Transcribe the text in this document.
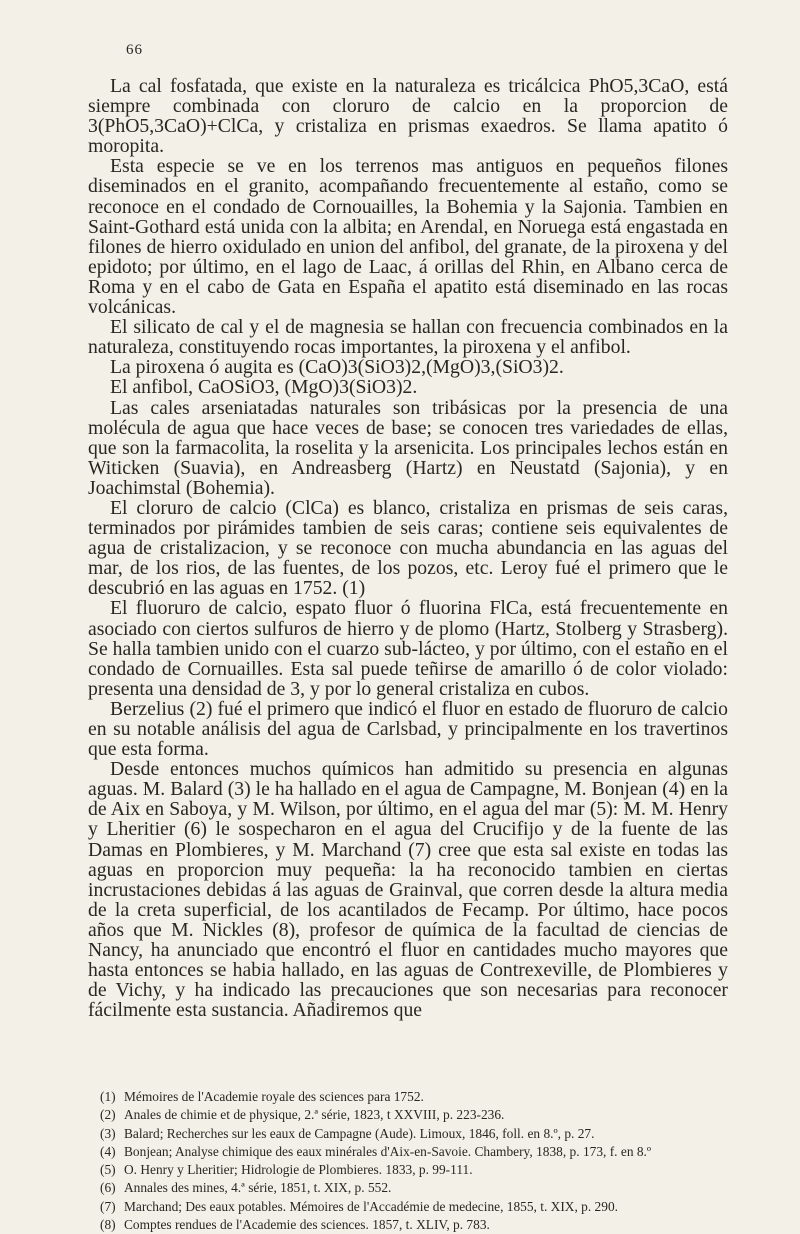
66

La cal fosfatada, que existe en la naturaleza es tricálcica PhO5,3CaO, está siempre combinada con cloruro de calcio en la proporcion de 3(PhO5,3CaO)+ClCa, y cristaliza en prismas exaedros. Se llama apatito ó moropita.

Esta especie se ve en los terrenos mas antiguos en pequeños filones diseminados en el granito, acompañando frecuentemente al estaño, como se reconoce en el condado de Cornouailles, la Bohemia y la Sajonia. Tambien en Saint-Gothard está unida con la albita; en Arendal, en Noruega está engastada en filones de hierro oxidulado en union del anfibol, del granate, de la piroxena y del epidoto; por último, en el lago de Laac, á orillas del Rhin, en Albano cerca de Roma y en el cabo de Gata en España el apatito está diseminado en las rocas volcánicas.

El silicato de cal y el de magnesia se hallan con frecuencia combinados en la naturaleza, constituyendo rocas importantes, la piroxena y el anfibol.

La piroxena ó augita es (CaO)3(SiO3)2,(MgO)3,(SiO3)2.

El anfibol, CaOSiO3, (MgO)3(SiO3)2.

Las cales arseniatadas naturales son tribásicas por la presencia de una molécula de agua que hace veces de base; se conocen tres variedades de ellas, que son la farmacolita, la roselita y la arsenicita. Los principales lechos están en Witicken (Suavia), en Andreasberg (Hartz) en Neustatd (Sajonia), y en Joachimstal (Bohemia).

El cloruro de calcio (ClCa) es blanco, cristaliza en prismas de seis caras, terminados por pirámides tambien de seis caras; contiene seis equivalentes de agua de cristalizacion, y se reconoce con mucha abundancia en las aguas del mar, de los rios, de las fuentes, de los pozos, etc. Leroy fué el primero que le descubrió en las aguas en 1752. (1)

El fluoruro de calcio, espato fluor ó fluorina FlCa, está frecuentemente en asociado con ciertos sulfuros de hierro y de plomo (Hartz, Stolberg y Strasberg). Se halla tambien unido con el cuarzo sub-lácteo, y por último, con el estaño en el condado de Cornuailles. Esta sal puede teñirse de amarillo ó de color violado: presenta una densidad de 3, y por lo general cristaliza en cubos.

Berzelius (2) fué el primero que indicó el fluor en estado de fluoruro de calcio en su notable análisis del agua de Carlsbad, y principalmente en los travertinos que esta forma.

Desde entonces muchos químicos han admitido su presencia en algunas aguas. M. Balard (3) le ha hallado en el agua de Campagne, M. Bonjean (4) en la de Aix en Saboya, y M. Wilson, por último, en el agua del mar (5): M. M. Henry y Lheritier (6) le sospecharon en el agua del Crucifijo y de la fuente de las Damas en Plombieres, y M. Marchand (7) cree que esta sal existe en todas las aguas en proporcion muy pequeña: la ha reconocido tambien en ciertas incrustaciones debidas á las aguas de Grainval, que corren desde la altura media de la creta superficial, de los acantilados de Fecamp. Por último, hace pocos años que M. Nickles (8), profesor de química de la facultad de ciencias de Nancy, ha anunciado que encontró el fluor en cantidades mucho mayores que hasta entonces se habia hallado, en las aguas de Contrexeville, de Plombieres y de Vichy, y ha indicado las precauciones que son necesarias para reconocer fácilmente esta sustancia. Añadiremos que

(1) Mémoires de l'Academie royale des sciences para 1752.
(2) Anales de chimie et de physique, 2.ª série, 1823, t XXVIII, p. 223-236.
(3) Balard; Recherches sur les eaux de Campagne (Aude). Limoux, 1846, foll. en 8.º, p. 27.
(4) Bonjean; Analyse chimique des eaux minérales d'Aix-en-Savoie. Chambery, 1838, p. 173, f. en 8.º
(5) O. Henry y Lheritier; Hidrologie de Plombieres. 1833, p. 99-111.
(6) Annales des mines, 4.ª série, 1851, t. XIX, p. 552.
(7) Marchand; Des eaux potables. Mémoires de l'Accadémie de medecine, 1855, t. XIX, p. 290.
(8) Comptes rendues de l'Academie des sciences. 1857, t. XLIV, p. 783.
